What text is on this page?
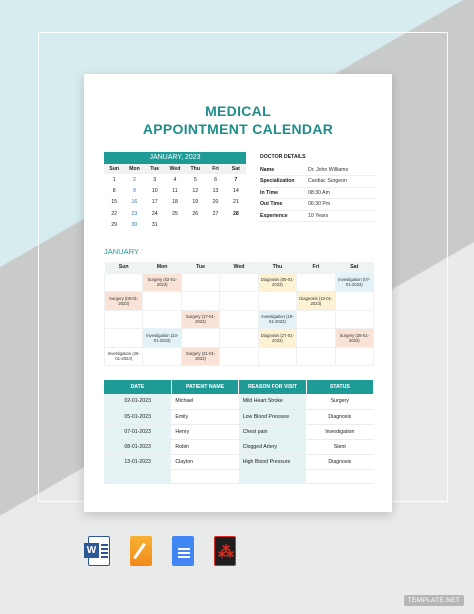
MEDICAL
APPOINTMENT CALENDAR
JANUARY, 2023
Sun	Mon	Tue	Wed	Thu	Fri	Sat
1	2	3	4	5	6	7
8	9	10	11	12	13	14
15	16	17	18	19	20	21
22	23	24	25	26	27	28
29	30	31				
DOCTOR DETAILS
Name	Dr. John Williams
Specialization	Cardiac Surgeon
In Time	08:30 Am
Out Time	06:30 Pm
Experience	10 Years
JANUARY
Sun	Mon	Tue	Wed	Thu	Fri	Sat
	Surgery (02-01-2023)			Diagnosis (05-01-2023)		Investigation (07-01-2023)
Surgery (08-01-2023)					Diagnosis (13-01-2023)	
		Surgery (17-01-2023)		Investigation (19-01-2023)		
	Investigation (23-01-2023)			Diagnosis (27-01-2023)		Surgery (28-01-2023)
Investigation (29-01-2023)		Surgery (31-01-2023)				
DATE	PATIENT NAME	REASON FOR VISIT	STATUS
02-01-2023	Michael	Mild Heart Stroke	Surgery
05-01-2023	Emily	Low Blood Pressure	Diagnosis
07-01-2023	Henry	Chest pain	Investigation
08-01-2023	Robin	Clogged Artery	Stent
13-01-2023	Clayton	High Blood Pressure	Diagnosis

W	⁂
TEMPLATE.NET
